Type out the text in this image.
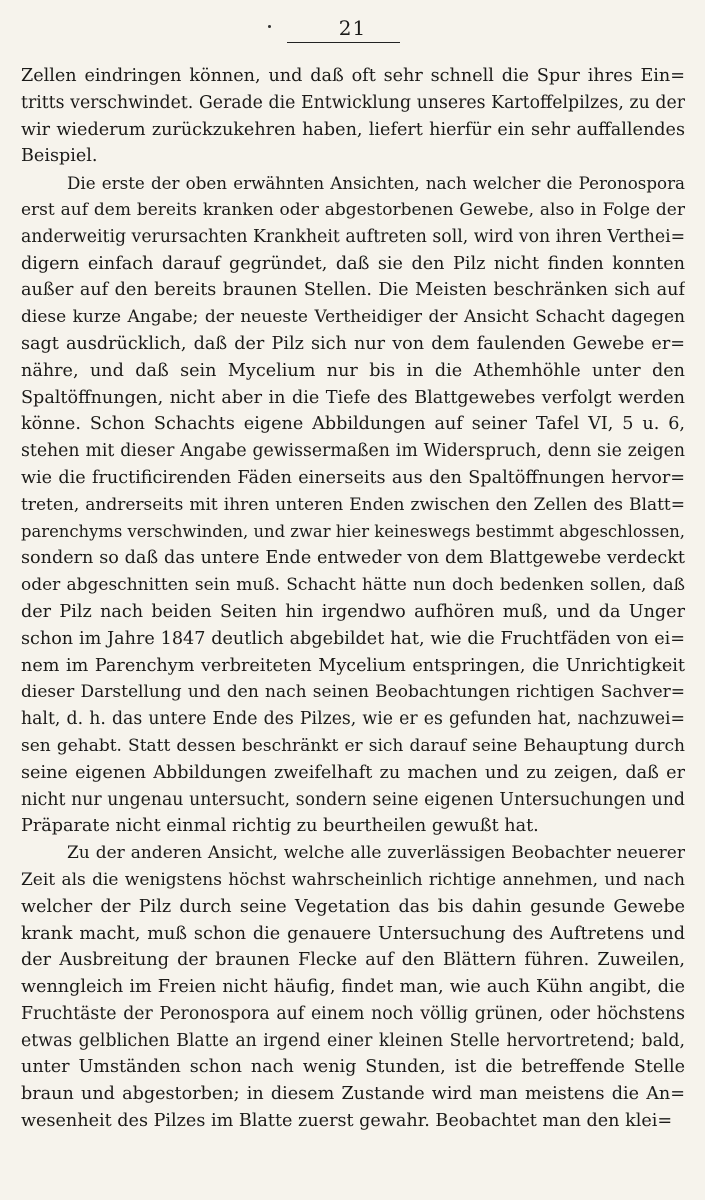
21
Zellen eindringen können, und daß oft sehr schnell die Spur ihres Ein=
tritts verschwindet. Gerade die Entwicklung unseres Kartoffelpilzes, zu der
wir wiederum zurückzukehren haben, liefert hierfür ein sehr auffallendes
Beispiel.
Die erste der oben erwähnten Ansichten, nach welcher die Peronospora
erst auf dem bereits kranken oder abgestorbenen Gewebe, also in Folge der
anderweitig verursachten Krankheit auftreten soll, wird von ihren Verthei=
digern einfach darauf gegründet, daß sie den Pilz nicht finden konnten
außer auf den bereits braunen Stellen. Die Meisten beschränken sich auf
diese kurze Angabe; der neueste Vertheidiger der Ansicht Schacht dagegen
sagt ausdrücklich, daß der Pilz sich nur von dem faulenden Gewebe er=
nähre, und daß sein Mycelium nur bis in die Athemhöhle unter den
Spaltöffnungen, nicht aber in die Tiefe des Blattgewebes verfolgt werden
könne. Schon Schachts eigene Abbildungen auf seiner Tafel VI, 5 u. 6,
stehen mit dieser Angabe gewissermaßen im Widerspruch, denn sie zeigen
wie die fructificirenden Fäden einerseits aus den Spaltöffnungen hervor=
treten, andrerseits mit ihren unteren Enden zwischen den Zellen des Blatt=
parenchyms verschwinden, und zwar hier keineswegs bestimmt abgeschlossen,
sondern so daß das untere Ende entweder von dem Blattgewebe verdeckt
oder abgeschnitten sein muß. Schacht hätte nun doch bedenken sollen, daß
der Pilz nach beiden Seiten hin irgendwo aufhören muß, und da Unger
schon im Jahre 1847 deutlich abgebildet hat, wie die Fruchtfäden von ei=
nem im Parenchym verbreiteten Mycelium entspringen, die Unrichtigkeit
dieser Darstellung und den nach seinen Beobachtungen richtigen Sachver=
halt, d. h. das untere Ende des Pilzes, wie er es gefunden hat, nachzuwei=
sen gehabt. Statt dessen beschränkt er sich darauf seine Behauptung durch
seine eigenen Abbildungen zweifelhaft zu machen und zu zeigen, daß er
nicht nur ungenau untersucht, sondern seine eigenen Untersuchungen und
Präparate nicht einmal richtig zu beurtheilen gewußt hat.
Zu der anderen Ansicht, welche alle zuverlässigen Beobachter neuerer
Zeit als die wenigstens höchst wahrscheinlich richtige annehmen, und nach
welcher der Pilz durch seine Vegetation das bis dahin gesunde Gewebe
krank macht, muß schon die genauere Untersuchung des Auftretens und
der Ausbreitung der braunen Flecke auf den Blättern führen. Zuweilen,
wenngleich im Freien nicht häufig, findet man, wie auch Kühn angibt, die
Fruchtäste der Peronospora auf einem noch völlig grünen, oder höchstens
etwas gelblichen Blatte an irgend einer kleinen Stelle hervortretend; bald,
unter Umständen schon nach wenig Stunden, ist die betreffende Stelle
braun und abgestorben; in diesem Zustande wird man meistens die An=
wesenheit des Pilzes im Blatte zuerst gewahr. Beobachtet man den klei=
